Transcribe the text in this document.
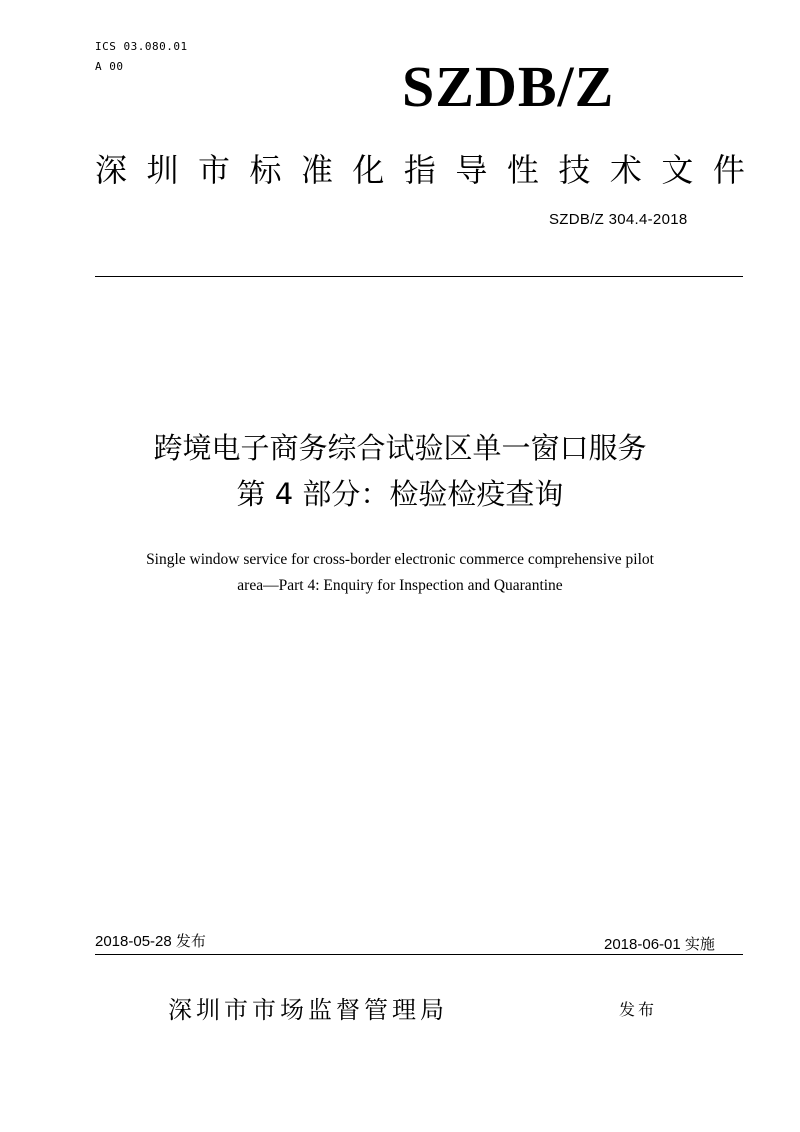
ICS 03.080.01
A 00	SZDB/Z
深 圳 市 标 准 化 指 导 性 技 术 文 件
SZDB/Z 304.4-2018
跨境电子商务综合试验区单一窗口服务
第 4 部分：检验检疫查询
Single window service for cross-border electronic commerce comprehensive pilot
area—Part 4: Enquiry for Inspection and Quarantine
2018-05-28 发布	2018-06-01 实施
深圳市市场监督管理局	发布
